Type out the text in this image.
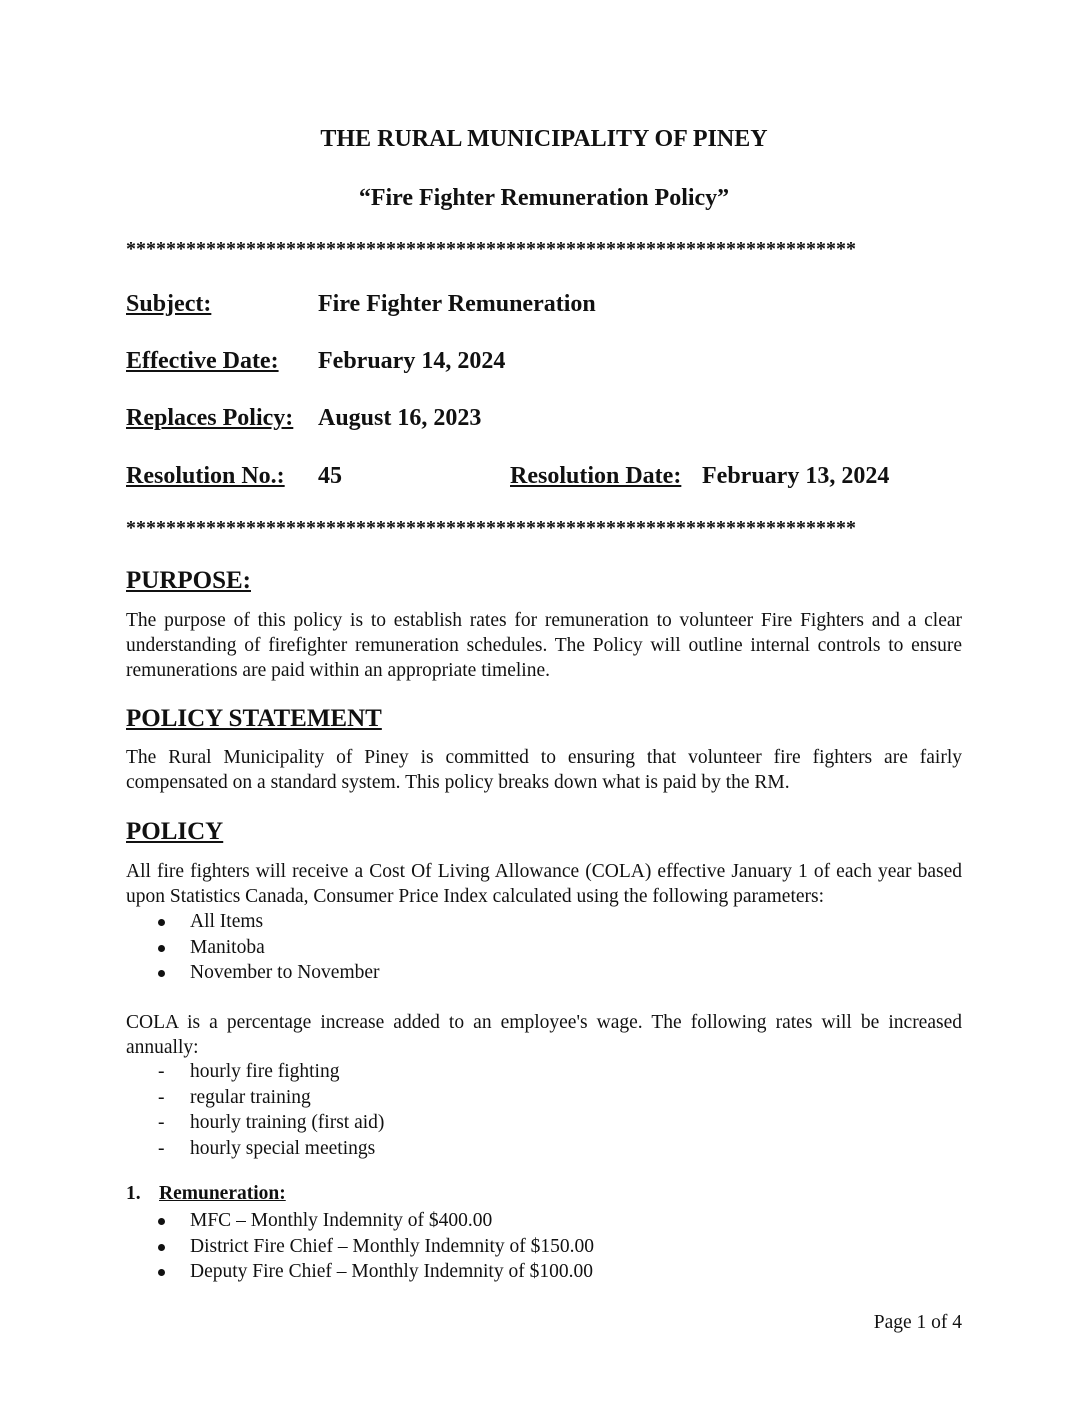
THE RURAL MUNICIPALITY OF PINEY
“Fire Fighter Remuneration Policy”
*************************************************************************
Subject:	Fire Fighter Remuneration
Effective Date: February 14, 2024
Replaces Policy: August 16, 2023
Resolution No.: 45	Resolution Date: February 13, 2024
*************************************************************************
PURPOSE:
The purpose of this policy is to establish rates for remuneration to volunteer Fire Fighters and a clear understanding of firefighter remuneration schedules. The Policy will outline internal controls to ensure remunerations are paid within an appropriate timeline.
POLICY STATEMENT
The Rural Municipality of Piney is committed to ensuring that volunteer fire fighters are fairly compensated on a standard system. This policy breaks down what is paid by the RM.
POLICY
All fire fighters will receive a Cost Of Living Allowance (COLA) effective January 1 of each year based upon Statistics Canada, Consumer Price Index calculated using the following parameters:
All Items
Manitoba
November to November
COLA is a percentage increase added to an employee's wage. The following rates will be increased annually:
- hourly fire fighting
- regular training
- hourly training (first aid)
- hourly special meetings
1. Remuneration:
MFC – Monthly Indemnity of $400.00
District Fire Chief – Monthly Indemnity of $150.00
Deputy Fire Chief – Monthly Indemnity of $100.00
Page 1 of 4
